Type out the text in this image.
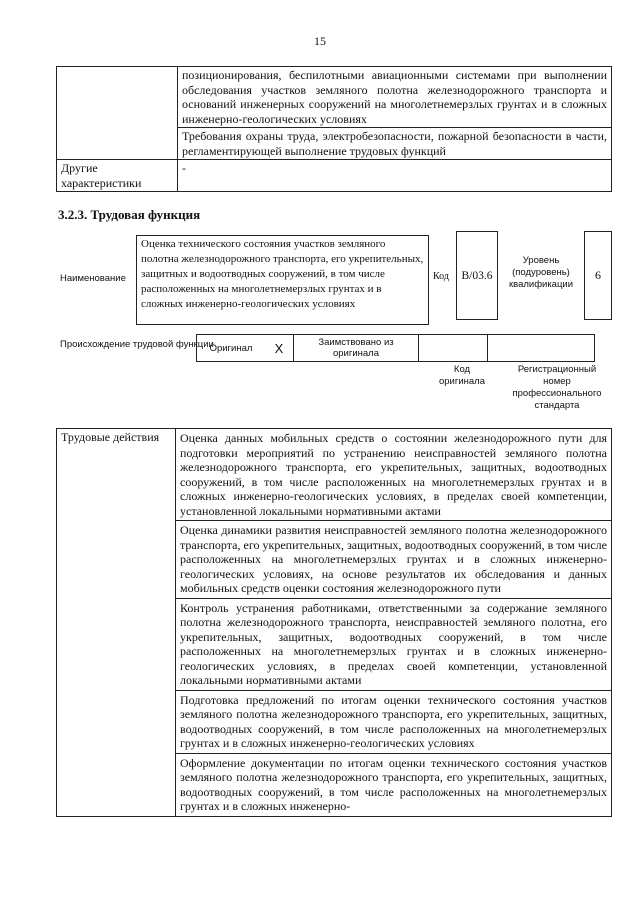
15
	позиционирования, беспилотными авиационными системами при выполнении обследования участков земляного полотна железнодорожного транспорта и оснований инженерных сооружений на многолетнемерзлых грунтах и в сложных инженерно-геологических условиях
	Требования охраны труда, электробезопасности, пожарной безопасности в части, регламентирующей выполнение трудовых функций
Другие характеристики	-
3.2.3. Трудовая функция
Наименование
Оценка технического состояния участков земляного полотна железнодорожного транспорта, его укрепительных, защитных и водоотводных сооружений, в том числе расположенных на многолетнемерзлых грунтах и в сложных инженерно-геологических условиях
Код B/03.6
Уровень (подуровень) квалификации
6
Происхождение трудовой функции
Оригинал	X	Заимствовано из оригинала		
Код оригинала
Регистрационный номер профессионального стандарта
Трудовые действия	Оценка данных мобильных средств о состоянии железнодорожного пути для подготовки мероприятий по устранению неисправностей земляного полотна железнодорожного транспорта, его укрепительных, защитных, водоотводных сооружений, в том числе расположенных на многолетнемерзлых грунтах и в сложных инженерно-геологических условиях, в пределах своей компетенции, установленной локальными нормативными актами
Оценка динамики развития неисправностей земляного полотна железнодорожного транспорта, его укрепительных, защитных, водоотводных сооружений, в том числе расположенных на многолетнемерзлых грунтах и в сложных инженерно-геологических условиях, на основе результатов их обследования и данных мобильных средств оценки состояния железнодорожного пути
Контроль устранения работниками, ответственными за содержание земляного полотна железнодорожного транспорта, неисправностей земляного полотна, его укрепительных, защитных, водоотводных сооружений, в том числе расположенных на многолетнемерзлых грунтах и в сложных инженерно-геологических условиях, в пределах своей компетенции, установленной локальными нормативными актами
Подготовка предложений по итогам оценки технического состояния участков земляного полотна железнодорожного транспорта, его укрепительных, защитных, водоотводных сооружений, в том числе расположенных на многолетнемерзлых грунтах и в сложных инженерно-геологических условиях
Оформление документации по итогам оценки технического состояния участков земляного полотна железнодорожного транспорта, его укрепительных, защитных, водоотводных сооружений, в том числе расположенных на многолетнемерзлых грунтах и в сложных инженерно-
